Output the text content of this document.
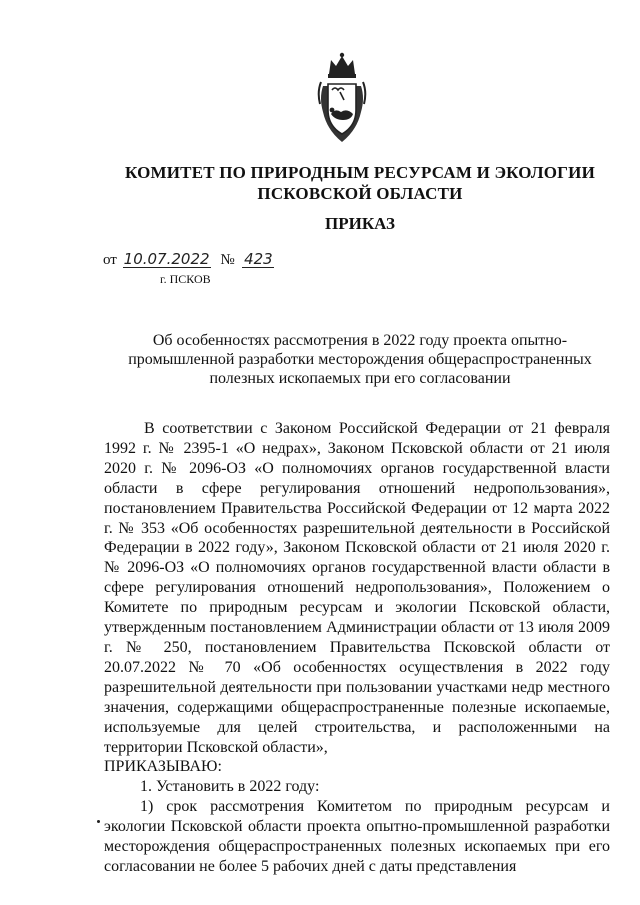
КОМИТЕТ ПО ПРИРОДНЫМ РЕСУРСАМ И ЭКОЛОГИИ
ПСКОВСКОЙ ОБЛАСТИ
ПРИКАЗ
от 10.07.2022 № 423
г. ПСКОВ
Об особенностях рассмотрения в 2022 году проекта опытно-
промышленной разработки месторождения общераспространенных
полезных ископаемых при его согласовании

В соответствии с Законом Российской Федерации от 21 февраля 1992 г. № 2395-1 «О недрах», Законом Псковской области от 21 июля 2020 г. № 2096-ОЗ «О полномочиях органов государственной власти области в сфере регулирования отношений недропользования», постановлением Правительства Российской Федерации от 12 марта 2022 г. № 353 «Об особенностях разрешительной деятельности в Российской Федерации в 2022 году», Законом Псковской области от 21 июля 2020 г. № 2096-ОЗ «О полномочиях органов государственной власти области в сфере регулирования отношений недропользования», Положением о Комитете по природным ресурсам и экологии Псковской области, утвержденным постановлением Администрации области от 13 июля 2009 г. № 250, постановлением Правительства Псковской области от 20.07.2022 № 70 «Об особенностях осуществления в 2022 году разрешительной деятельности при пользовании участками недр местного значения, содержащими общераспространенные полезные ископаемые, используемые для целей строительства, и расположенными на территории Псковской области»,

ПРИКАЗЫВАЮ:

1. Установить в 2022 году:

1) срок рассмотрения Комитетом по природным ресурсам и экологии Псковской области проекта опытно-промышленной разработки месторождения общераспространенных полезных ископаемых при его согласовании не более 5 рабочих дней с даты представления
